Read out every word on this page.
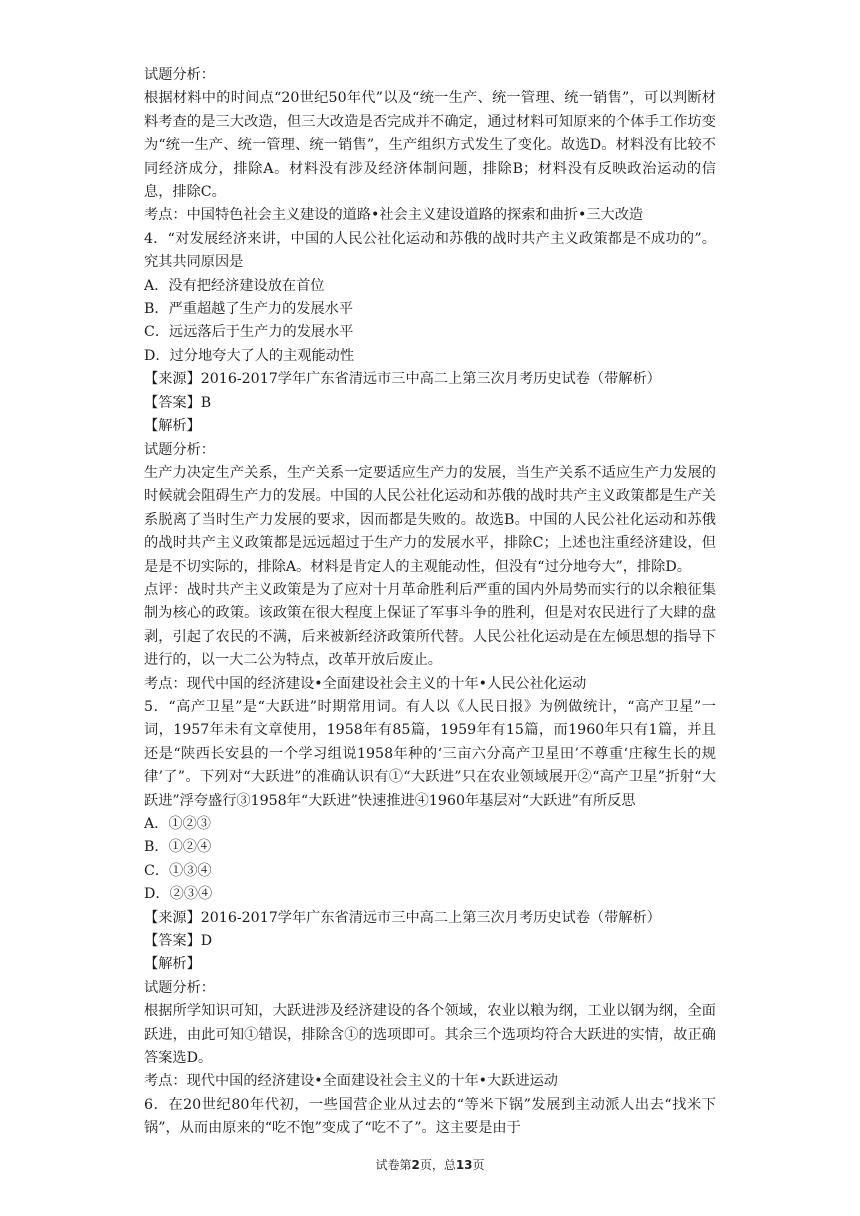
试题分析：

根据材料中的时间点“20世纪50年代”以及“统一生产、统一管理、统一销售”，可以判断材料考查的是三大改造，但三大改造是否完成并不确定，通过材料可知原来的个体手工作坊变为“统一生产、统一管理、统一销售”，生产组织方式发生了变化。故选D。材料没有比较不同经济成分，排除A。材料没有涉及经济体制问题，排除B；材料没有反映政治运动的信息，排除C。

考点：中国特色社会主义建设的道路•社会主义建设道路的探索和曲折•三大改造

4．“对发展经济来讲，中国的人民公社化运动和苏俄的战时共产主义政策都是不成功的”。究其共同原因是

A．没有把经济建设放在首位

B．严重超越了生产力的发展水平

C．远远落后于生产力的发展水平

D．过分地夸大了人的主观能动性

【来源】2016-2017学年广东省清远市三中高二上第三次月考历史试卷（带解析）

【答案】B

【解析】

试题分析：

生产力决定生产关系，生产关系一定要适应生产力的发展，当生产关系不适应生产力发展的时候就会阻碍生产力的发展。中国的人民公社化运动和苏俄的战时共产主义政策都是生产关系脱离了当时生产力发展的要求，因而都是失败的。故选B。中国的人民公社化运动和苏俄的战时共产主义政策都是远远超过于生产力的发展水平，排除C；上述也注重经济建设，但是是不切实际的，排除A。材料是肯定人的主观能动性，但没有“过分地夸大”，排除D。

点评：战时共产主义政策是为了应对十月革命胜利后严重的国内外局势而实行的以余粮征集制为核心的政策。该政策在很大程度上保证了军事斗争的胜利，但是对农民进行了大肆的盘剥，引起了农民的不满，后来被新经济政策所代替。人民公社化运动是在左倾思想的指导下进行的，以一大二公为特点，改革开放后废止。

考点：现代中国的经济建设•全面建设社会主义的十年•人民公社化运动

5．“高产卫星”是“大跃进”时期常用词。有人以《人民日报》为例做统计，“高产卫星”一词，1957年未有文章使用，1958年有85篇，1959年有15篇，而1960年只有1篇，并且还是“陕西长安县的一个学习组说1958年种的‘三亩六分高产卫星田’不尊重‘庄稼生长的规律’了”。下列对“大跃进”的准确认识有①“大跃进”只在农业领域展开②“高产卫星”折射“大跃进”浮夸盛行③1958年“大跃进”快速推进④1960年基层对“大跃进”有所反思

A．①②③

B．①②④

C．①③④

D．②③④

【来源】2016-2017学年广东省清远市三中高二上第三次月考历史试卷（带解析）

【答案】D

【解析】

试题分析：

根据所学知识可知，大跃进涉及经济建设的各个领域，农业以粮为纲，工业以钢为纲，全面跃进，由此可知①错误，排除含①的选项即可。其余三个选项均符合大跃进的实情，故正确答案选D。

考点：现代中国的经济建设•全面建设社会主义的十年•大跃进运动

6．在20世纪80年代初，一些国营企业从过去的“等米下锅”发展到主动派人出去“找米下锅”，从而由原来的“吃不饱”变成了“吃不了”。这主要是由于

试卷第2页，总13页
